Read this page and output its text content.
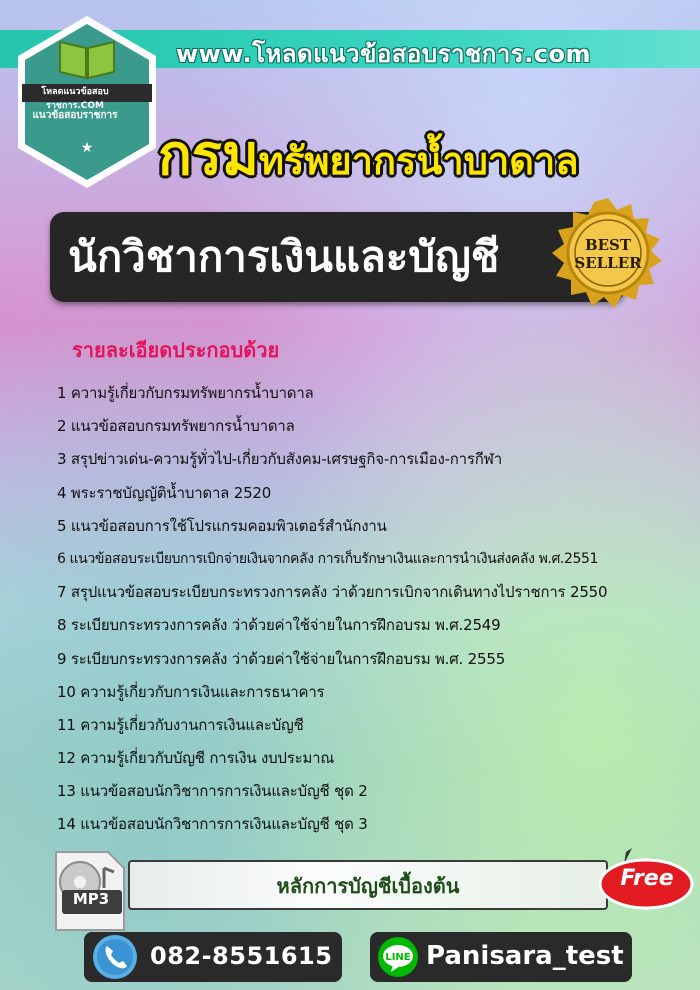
www.โหลดแนวข้อสอบราชการ.com
โหลดแนวข้อสอบราชการ.COM
แนวข้อสอบราชการ
★	กรมทรัพยากรน้ำบาดาล
นักวิชาการเงินและบัญชี	BEST
SELLER
รายละเอียดประกอบด้วย
1 ความรู้เกี่ยวกับกรมทรัพยากรน้ำบาดาล
2 แนวข้อสอบกรมทรัพยากรน้ำบาดาล
3 สรุปข่าวเด่น-ความรู้ทั่วไป-เกี่ยวกับสังคม-เศรษฐกิจ-การเมือง-การกีฬา
4 พระราชบัญญัติน้ำบาดาล 2520
5 แนวข้อสอบการใช้โปรแกรมคอมพิวเตอร์สำนักงาน
6 แนวข้อสอบระเบียบการเบิกจ่ายเงินจากคลัง การเก็บรักษาเงินและการนำเงินส่งคลัง พ.ศ.2551
7 สรุปแนวข้อสอบระเบียบกระทรวงการคลัง ว่าด้วยการเบิกจากเดินทางไปราชการ 2550
8 ระเบียบกระทรวงการคลัง ว่าด้วยค่าใช้จ่ายในการฝึกอบรม พ.ศ.2549
9 ระเบียบกระทรวงการคลัง ว่าด้วยค่าใช้จ่ายในการฝึกอบรม พ.ศ. 2555
10 ความรู้เกี่ยวกับการเงินและการธนาคาร
11 ความรู้เกี่ยวกับงานการเงินและบัญชี
12 ความรู้เกี่ยวกับบัญชี การเงิน งบประมาณ
13 แนวข้อสอบนักวิชาการการเงินและบัญชี ชุด 2
14 แนวข้อสอบนักวิชาการการเงินและบัญชี ชุด 3
หลักการบัญชีเบื้องต้น
MP3
Free
082-8551615	LINE Panisara_test
